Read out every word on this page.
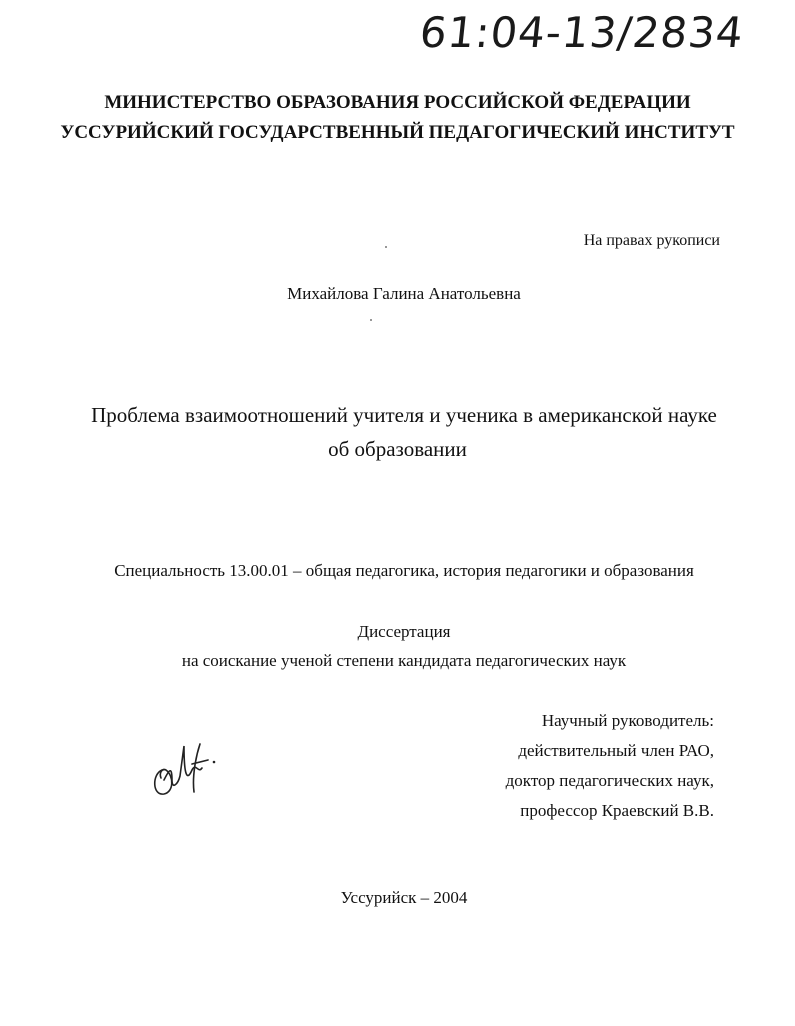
61:04-13/2834
МИНИСТЕРСТВО ОБРАЗОВАНИЯ РОССИЙСКОЙ ФЕДЕРАЦИИ
УССУРИЙСКИЙ ГОСУДАРСТВЕННЫЙ ПЕДАГОГИЧЕСКИЙ ИНСТИТУТ
На правах рукописи
Михайлова Галина Анатольевна
Проблема взаимоотношений учителя и ученика в американской науке
об образовании
Специальность 13.00.01 – общая педагогика, история педагогики и образования
Диссертация
на соискание ученой степени кандидата педагогических наук
Научный руководитель:
действительный член РАО,
доктор педагогических наук,
профессор Краевский В.В.
Уссурийск – 2004
